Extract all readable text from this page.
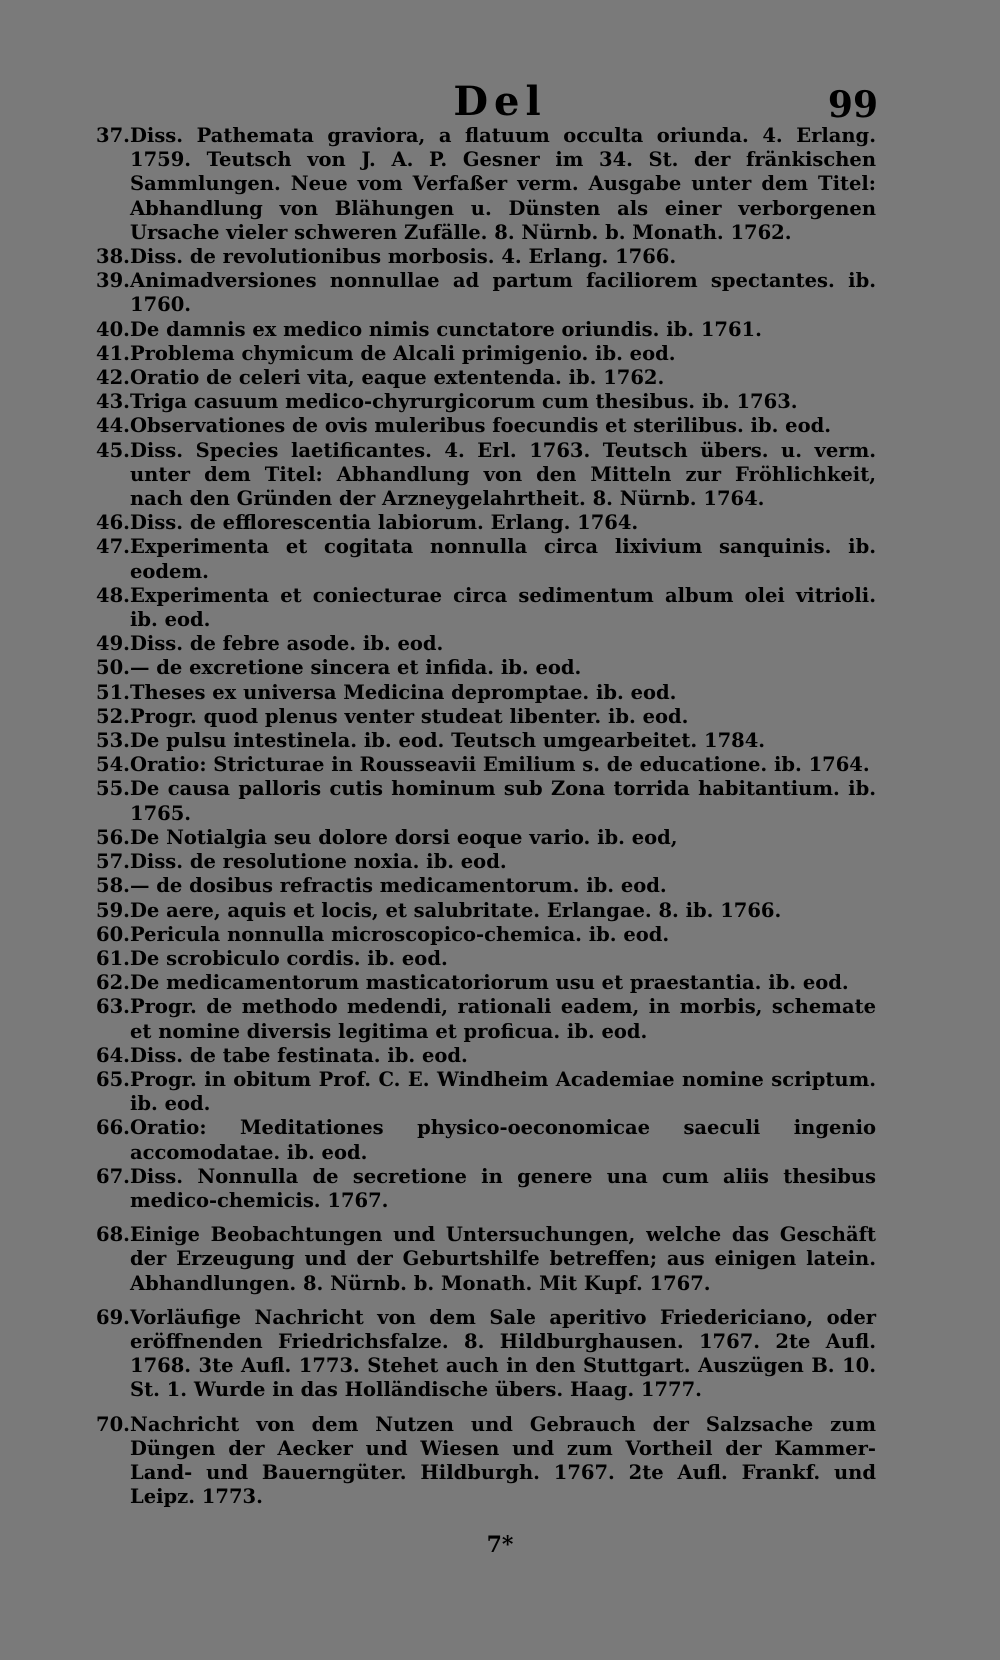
Del	99
37. Diss. Pathemata graviora, a flatuum occulta oriunda. 4. Erlang. 1759. Teutsch von J. A. P. Gesner im 34. St. der fränkischen Sammlungen. Neue vom Verfaßer verm. Ausgabe unter dem Titel: Abhandlung von Blähungen u. Dünsten als einer verborgenen Ursache vieler schweren Zufälle. 8. Nürnb. b. Monath. 1762.
38. Diss. de revolutionibus morbosis. 4. Erlang. 1766.
39. Animadversiones nonnullae ad partum faciliorem spectantes. ib. 1760.
40. De damnis ex medico nimis cunctatore oriundis. ib. 1761.
41. Problema chymicum de Alcali primigenio. ib. eod.
42. Oratio de celeri vita, eaque extentenda. ib. 1762.
43. Triga casuum medico-chyrurgicorum cum thesibus. ib. 1763.
44. Observationes de ovis muleribus foecundis et sterilibus. ib. eod.
45. Diss. Species laetificantes. 4. Erl. 1763. Teutsch übers. u. verm. unter dem Titel: Abhandlung von den Mitteln zur Fröhlichkeit, nach den Gründen der Arzneygelahrtheit. 8. Nürnb. 1764.
46. Diss. de efflorescentia labiorum. Erlang. 1764.
47. Experimenta et cogitata nonnulla circa lixivium sanquinis. ib. eodem.
48. Experimenta et coniecturae circa sedimentum album olei vitrioli. ib. eod.
49. Diss. de febre asode. ib. eod.
50. — de excretione sincera et infida. ib. eod.
51. Theses ex universa Medicina depromptae. ib. eod.
52. Progr. quod plenus venter studeat libenter. ib. eod.
53. De pulsu intestinela. ib. eod. Teutsch umgearbeitet. 1784.
54. Oratio: Stricturae in Rousseavii Emilium s. de educatione. ib. 1764.
55. De causa palloris cutis hominum sub Zona torrida habitantium. ib. 1765.
56. De Notialgia seu dolore dorsi eoque vario. ib. eod,
57. Diss. de resolutione noxia. ib. eod.
58. — de dosibus refractis medicamentorum. ib. eod.
59. De aere, aquis et locis, et salubritate. Erlangae. 8. ib. 1766.
60. Pericula nonnulla microscopico-chemica. ib. eod.
61. De scrobiculo cordis. ib. eod.
62. De medicamentorum masticatoriorum usu et praestantia. ib. eod.
63. Progr. de methodo medendi, rationali eadem, in morbis, schemate et nomine diversis legitima et proficua. ib. eod.
64. Diss. de tabe festinata. ib. eod.
65. Progr. in obitum Prof. C. E. Windheim Academiae nomine scriptum. ib. eod.
66. Oratio: Meditationes physico-oeconomicae saeculi ingenio accomodatae. ib. eod.
67. Diss. Nonnulla de secretione in genere una cum aliis thesibus medico-chemicis. 1767.
68. Einige Beobachtungen und Untersuchungen, welche das Geschäft der Erzeugung und der Geburtshilfe betreffen; aus einigen latein. Abhandlungen. 8. Nürnb. b. Monath. Mit Kupf. 1767.
69. Vorläufige Nachricht von dem Sale aperitivo Friedericiano, oder eröffnenden Friedrichsfalze. 8. Hildburghausen. 1767. 2te Aufl. 1768. 3te Aufl. 1773. Stehet auch in den Stuttgart. Auszügen B. 10. St. 1. Wurde in das Holländische übers. Haag. 1777.
70. Nachricht von dem Nutzen und Gebrauch der Salzsache zum Düngen der Aecker und Wiesen und zum Vortheil der Kammer-Land- und Bauerngüter. Hildburgh. 1767. 2te Aufl. Frankf. und Leipz. 1773.
7*
